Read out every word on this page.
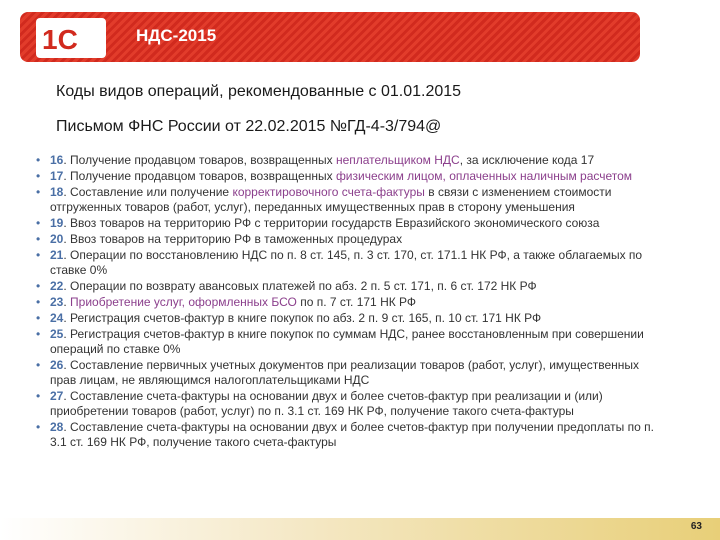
1С	НДС-2015
Коды видов операций, рекомендованные с 01.01.2015
Письмом ФНС России от 22.02.2015 №ГД-4-3/794@
• 16. Получение продавцом товаров, возвращенных неплательщиком НДС, за исключение кода 17
• 17. Получение продавцом товаров, возвращенных физическим лицом, оплаченных наличным расчетом
• 18. Составление или получение корректировочного счета-фактуры в связи с изменением стоимости отгруженных товаров (работ, услуг), переданных имущественных прав в сторону уменьшения
• 19. Ввоз товаров на территорию РФ с территории государств Евразийского экономического союза
• 20. Ввоз товаров на территорию РФ в таможенных процедурах
• 21. Операции по восстановлению НДС по п. 8 ст. 145, п. 3 ст. 170, ст. 171.1 НК РФ, а также облагаемых по ставке 0%
• 22. Операции по возврату авансовых платежей по абз. 2 п. 5 ст. 171, п. 6 ст. 172 НК РФ
• 23. Приобретение услуг, оформленных БСО по п. 7 ст. 171 НК РФ
• 24. Регистрация счетов-фактур в книге покупок по абз. 2 п. 9 ст. 165, п. 10 ст. 171 НК РФ
• 25. Регистрация счетов-фактур в книге покупок по суммам НДС, ранее восстановленным при совершении операций по ставке 0%
• 26. Составление первичных учетных документов при реализации товаров (работ, услуг), имущественных прав лицам, не являющимся налогоплательщиками НДС
• 27. Составление счета-фактуры на основании двух и более счетов-фактур при реализации и (или) приобретении товаров (работ, услуг) по п. 3.1 ст. 169 НК РФ, получение такого счета-фактуры
• 28. Составление счета-фактуры на основании двух и более счетов-фактур при получении предоплаты по п. 3.1 ст. 169 НК РФ, получение такого счета-фактуры
63
